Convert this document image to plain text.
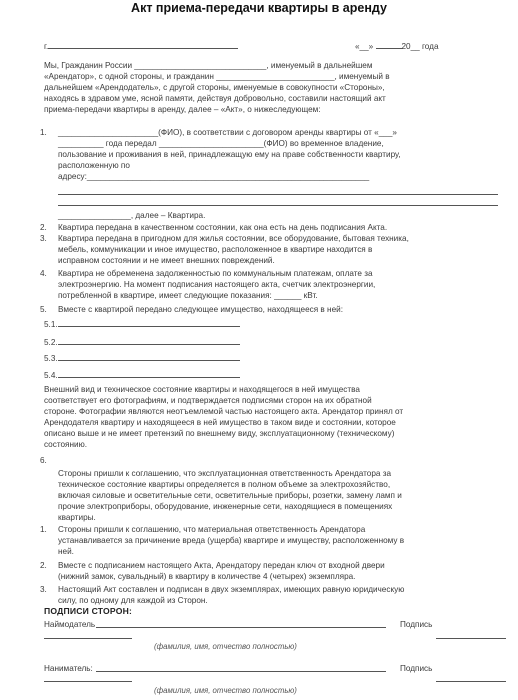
Акт приема-передачи квартиры в аренду
г.	«__»	20__ года
Мы, Гражданин России _____________________________, именуемый в дальнейшем
«Арендатор», с одной стороны, и гражданин __________________________, именуемый в
дальнейшем «Арендодатель», с другой стороны, именуемые в совокупности «Стороны»,
находясь в здравом уме, ясной памяти, действуя добровольно, составили настоящий акт
приема-передачи квартиры в аренду, далее – «Акт», о нижеследующем:
1. ______________________(ФИО), в соответствии с договором аренды квартиры от «___»
__________ года передал _______________________(ФИО) во временное владение,
пользование и проживания в ней, принадлежащую ему на праве собственности квартиру,
расположенную по
адресу:______________________________________________________________
________________, далее – Квартира.
2. Квартира передана в качественном состоянии, как она есть на день подписания Акта.
3. Квартира передана в пригодном для жилья состоянии, все оборудование, бытовая техника,
мебель, коммуникации и иное имущество, расположенное в квартире находится в
исправном состоянии и не имеет внешних повреждений.
4. Квартира не обременена задолженностью по коммунальным платежам, оплате за
электроэнергию. На момент подписания настоящего акта, счетчик электроэнергии,
потребленной в квартире, имеет следующие показания: ______ кВт.
5. Вместе с квартирой передано следующее имущество, находящееся в ней:
5.1.
5.2.
5.3.
5.4.
Внешний вид и техническое состояние квартиры и находящегося в ней имущества
соответствует его фотографиям, и подтверждается подписями сторон на их обратной
стороне. Фотографии являются неотъемлемой частью настоящего акта. Арендатор принял от
Арендодателя квартиру и находящееся в ней имущество в таком виде и состоянии, которое
описано выше и не имеет претензий по внешнему виду, эксплуатационному (техническому)
состоянию.
6.
Стороны пришли к соглашению, что эксплуатационная ответственность Арендатора за
техническое состояние квартиры определяется в полном объеме за электрохозяйство,
включая силовые и осветительные сети, осветительные приборы, розетки, замену ламп и
прочие электроприборы, оборудование, инженерные сети, находящиеся в помещениях
квартиры.
1. Стороны пришли к соглашению, что материальная ответственность Арендатора
устанавливается за причинение вреда (ущерба) квартире и имуществу, расположенному в
ней.
2. Вместе с подписанием настоящего Акта, Арендатору передан ключ от входной двери
(нижний замок, сувальдный) в квартиру в количестве 4 (четырех) экземпляра.
3. Настоящий Акт составлен и подписан в двух экземплярах, имеющих равную юридическую
силу, по одному для каждой из Сторон.
ПОДПИСИ СТОРОН:
Наймодатель	Подпись
(фамилия, имя, отчество полностью)
Наниматель:	Подпись
(фамилия, имя, отчество полностью)
